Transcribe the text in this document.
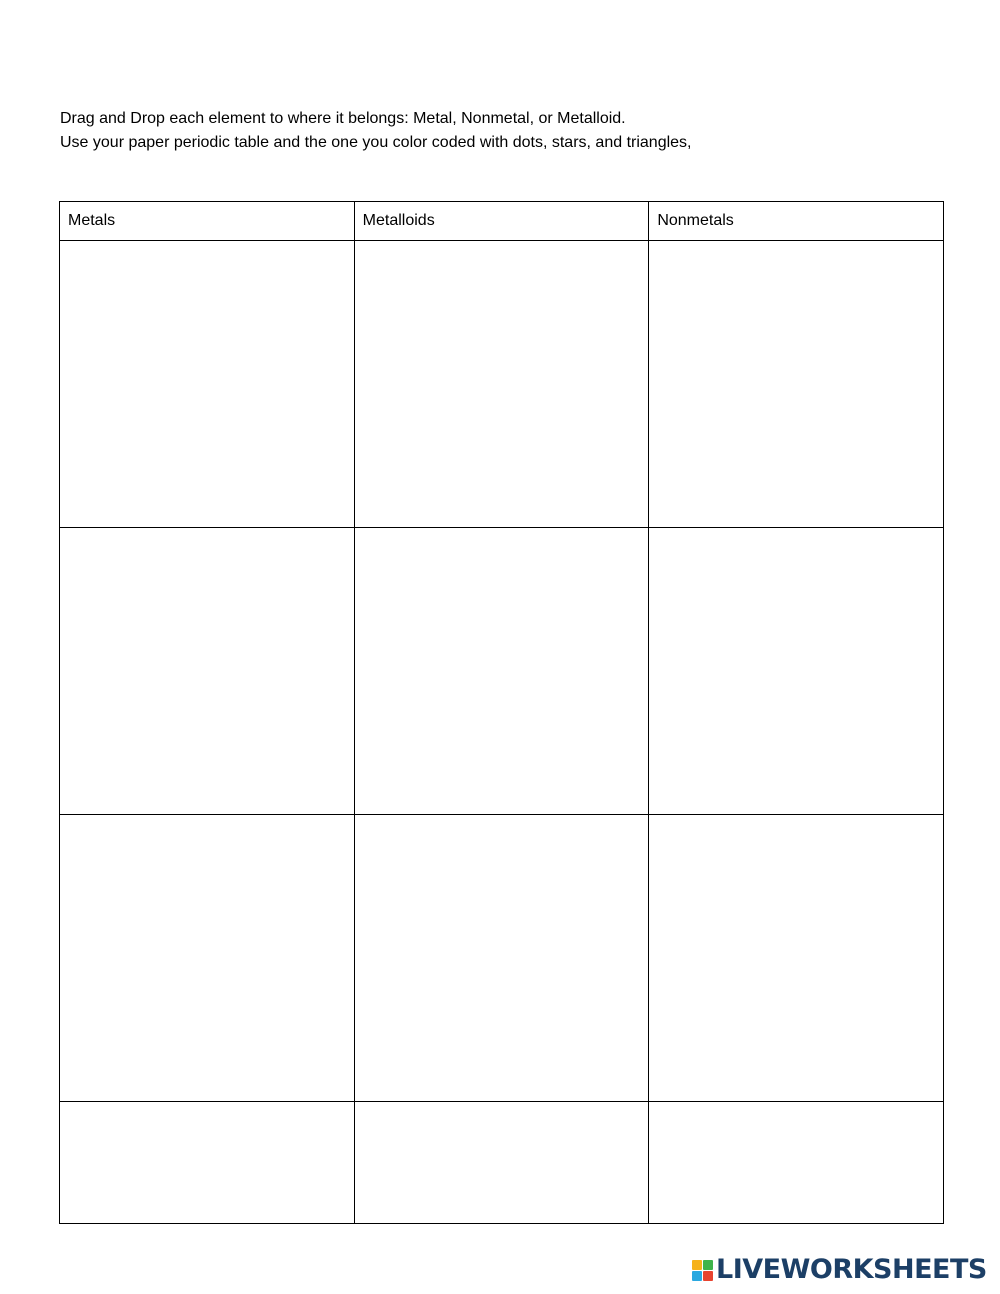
Drag and Drop each element to where it belongs: Metal, Nonmetal, or Metalloid.
Use your paper periodic table and the one you color coded with dots, stars, and triangles,
Metals	Metalloids	Nonmetals

LIVEWORKSHEETS
